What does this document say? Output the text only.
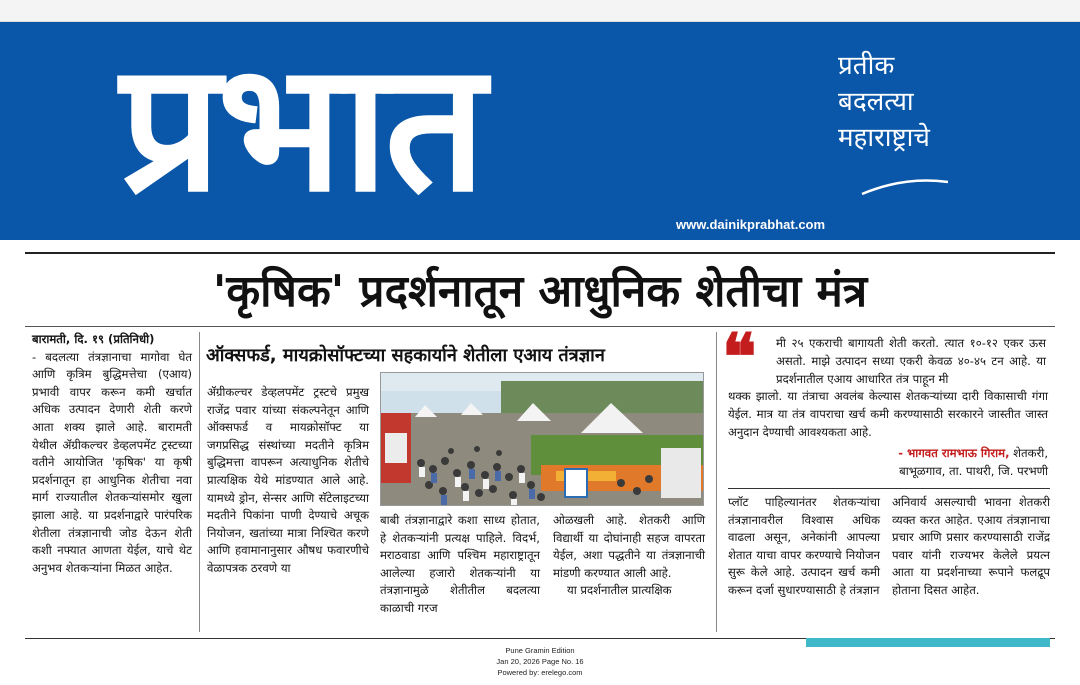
प्रभात	प्रतीक
बदलत्या
महाराष्ट्राचे
www.dainikprabhat.com
'कृषिक' प्रदर्शनातून आधुनिक शेतीचा मंत्र

बारामती, दि. १९ (प्रतिनिधी)

- बदलत्या तंत्रज्ञानाचा मागोवा घेत आणि कृत्रिम बुद्धिमत्तेचा (एआय) प्रभावी वापर करून कमी खर्चात अधिक उत्पादन देणारी शेती करणे आता शक्य झाले आहे. बारामती येथील ॲग्रीकल्चर डेव्हलपमेंट ट्रस्टच्या वतीने आयोजित 'कृषिक' या कृषी प्रदर्शनातून हा आधुनिक शेतीचा नवा मार्ग राज्यातील शेतकऱ्यांसमोर खुला झाला आहे. या प्रदर्शनाद्वारे पारंपरिक शेतीला तंत्रज्ञानाची जोड देऊन शेती कशी नफ्यात आणता येईल, याचे थेट अनुभव शेतकऱ्यांना मिळत आहेत.

ऑक्सफर्ड, मायक्रोसॉफ्टच्या सहकार्याने शेतीला एआय तंत्रज्ञान

ॲग्रीकल्चर डेव्हलपमेंट ट्रस्टचे प्रमुख राजेंद्र पवार यांच्या संकल्पनेतून आणि ऑक्सफर्ड व मायक्रोसॉफ्ट या जगप्रसिद्ध संस्थांच्या मदतीने कृत्रिम बुद्धिमत्ता वापरून अत्याधुनिक शेतीचे प्रात्यक्षिक येथे मांडण्यात आले आहे. यामध्ये ड्रोन, सेन्सर आणि सॅटेलाइटच्या मदतीने पिकांना पाणी देण्याचे अचूक नियोजन, खतांच्या मात्रा निश्चित करणे आणि हवामानानुसार औषध फवारणीचे वेळापत्रक ठरवणे या

बाबी तंत्रज्ञानाद्वारे कशा साध्य होतात, हे शेतकऱ्यांनी प्रत्यक्ष पाहिले. विदर्भ, मराठवाडा आणि पश्चिम महाराष्ट्रातून आलेल्या हजारो शेतकऱ्यांनी या तंत्रज्ञानामुळे शेतीतील बदलत्या काळाची गरज

ओळखली आहे. शेतकरी आणि विद्यार्थी या दोघांनाही सहज वापरता येईल, अशा पद्धतीने या तंत्रज्ञानाची मांडणी करण्यात आली आहे.

या प्रदर्शनातील प्रात्यक्षिक

❝ मी २५ एकराची बागायती शेती करतो. त्यात १०-१२ एकर ऊस असतो. माझे उत्पादन सध्या एकरी केवळ ४०-४५ टन आहे. या प्रदर्शनातील एआय आधारित तंत्र पाहून मी
थक्क झालो. या तंत्राचा अवलंब केल्यास शेतकऱ्यांच्या दारी विकासाची गंगा येईल. मात्र या तंत्र वापराचा खर्च कमी करण्यासाठी सरकारने जास्तीत जास्त अनुदान देण्याची आवश्यकता आहे.
- भागवत रामभाऊ गिराम, शेतकरी,
बाभूळगाव, ता. पाथरी, जि. परभणी

प्लॉट पाहिल्यानंतर शेतकऱ्यांचा तंत्रज्ञानावरील विश्वास अधिक वाढला असून, अनेकांनी आपल्या शेतात याचा वापर करण्याचे नियोजन सुरू केले आहे. उत्पादन खर्च कमी करून दर्जा सुधारण्यासाठी हे तंत्रज्ञान

अनिवार्य असल्याची भावना शेतकरी व्यक्त करत आहेत. एआय तंत्रज्ञानाचा प्रचार आणि प्रसार करण्यासाठी राजेंद्र पवार यांनी राज्यभर केलेले प्रयत्न आता या प्रदर्शनाच्या रूपाने फलद्रूप होताना दिसत आहेत.

Pune Gramin Edition
Jan 20, 2026 Page No. 16
Powered by: erelego.com
